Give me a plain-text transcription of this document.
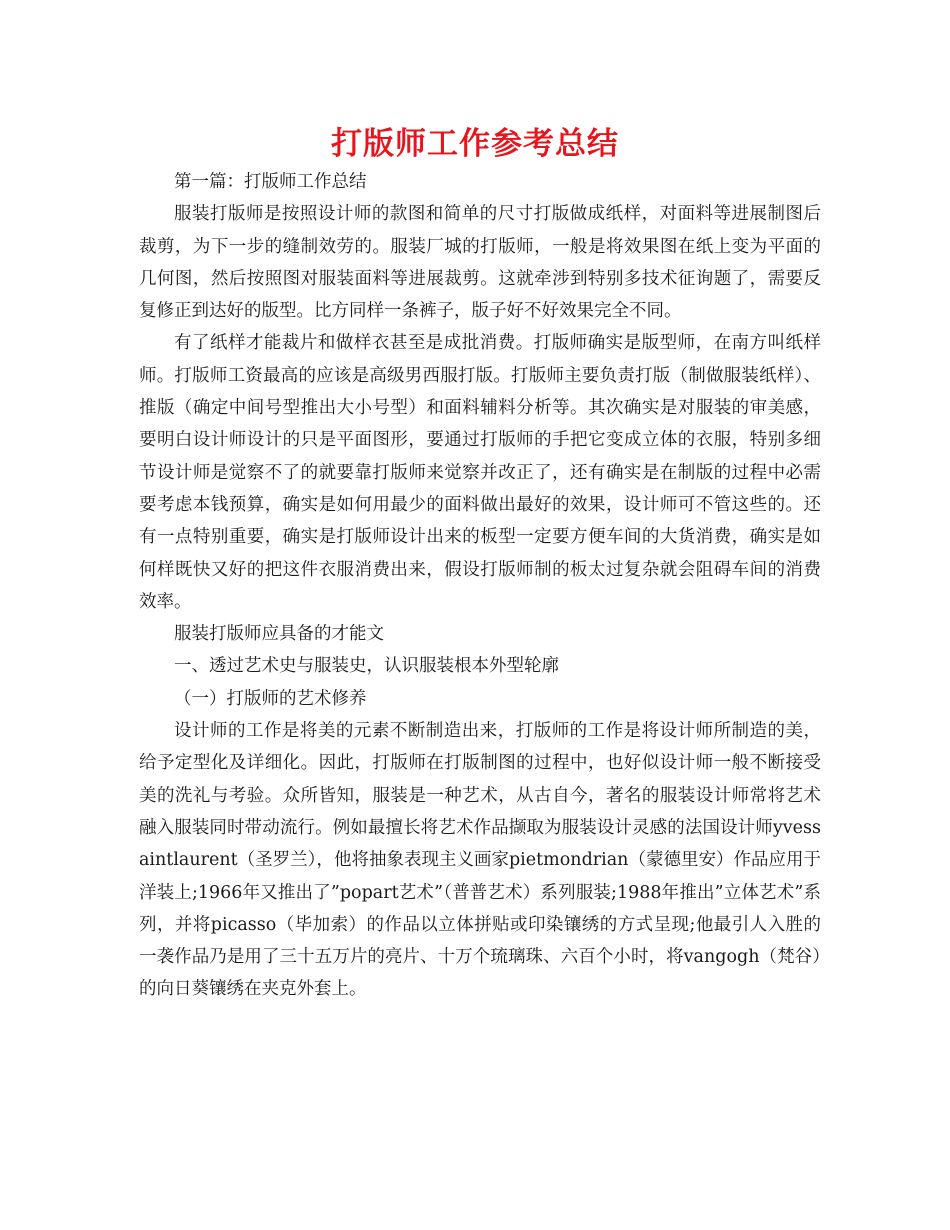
打版师工作参考总结

第一篇：打版师工作总结

服装打版师是按照设计师的款图和简单的尺寸打版做成纸样，对面料等进展制图后裁剪，为下一步的缝制效劳的。服装厂城的打版师，一般是将效果图在纸上变为平面的几何图，然后按照图对服装面料等进展裁剪。这就牵涉到特别多技术征询题了，需要反复修正到达好的版型。比方同样一条裤子，版子好不好效果完全不同。

有了纸样才能裁片和做样衣甚至是成批消费。打版师确实是版型师，在南方叫纸样师。打版师工资最高的应该是高级男西服打版。打版师主要负责打版（制做服装纸样）、推版（确定中间号型推出大小号型）和面料辅料分析等。其次确实是对服装的审美感，要明白设计师设计的只是平面图形，要通过打版师的手把它变成立体的衣服，特别多细节设计师是觉察不了的就要靠打版师来觉察并改正了，还有确实是在制版的过程中必需要考虑本钱预算，确实是如何用最少的面料做出最好的效果，设计师可不管这些的。还有一点特别重要，确实是打版师设计出来的板型一定要方便车间的大货消费，确实是如何样既快又好的把这件衣服消费出来，假设打版师制的板太过复杂就会阻碍车间的消费效率。

服装打版师应具备的才能文

一、透过艺术史与服装史，认识服装根本外型轮廓

（一）打版师的艺术修养

设计师的工作是将美的元素不断制造出来，打版师的工作是将设计师所制造的美，给予定型化及详细化。因此，打版师在打版制图的过程中，也好似设计师一般不断接受美的洗礼与考验。众所皆知，服装是一种艺术，从古自今，著名的服装设计师常将艺术融入服装同时带动流行。例如最擅长将艺术作品撷取为服装设计灵感的法国设计师yvessaintlaurent（圣罗兰），他将抽象表现主义画家pietmondrian（蒙德里安）作品应用于洋装上;1966年又推出了”popart艺术”（普普艺术）系列服装;1988年推出”立体艺术”系列，并将picasso（毕加索）的作品以立体拼贴或印染镶绣的方式呈现;他最引人入胜的一袭作品乃是用了三十五万片的亮片、十万个琉璃珠、六百个小时，将vangogh（梵谷）的向日葵镶绣在夹克外套上。
